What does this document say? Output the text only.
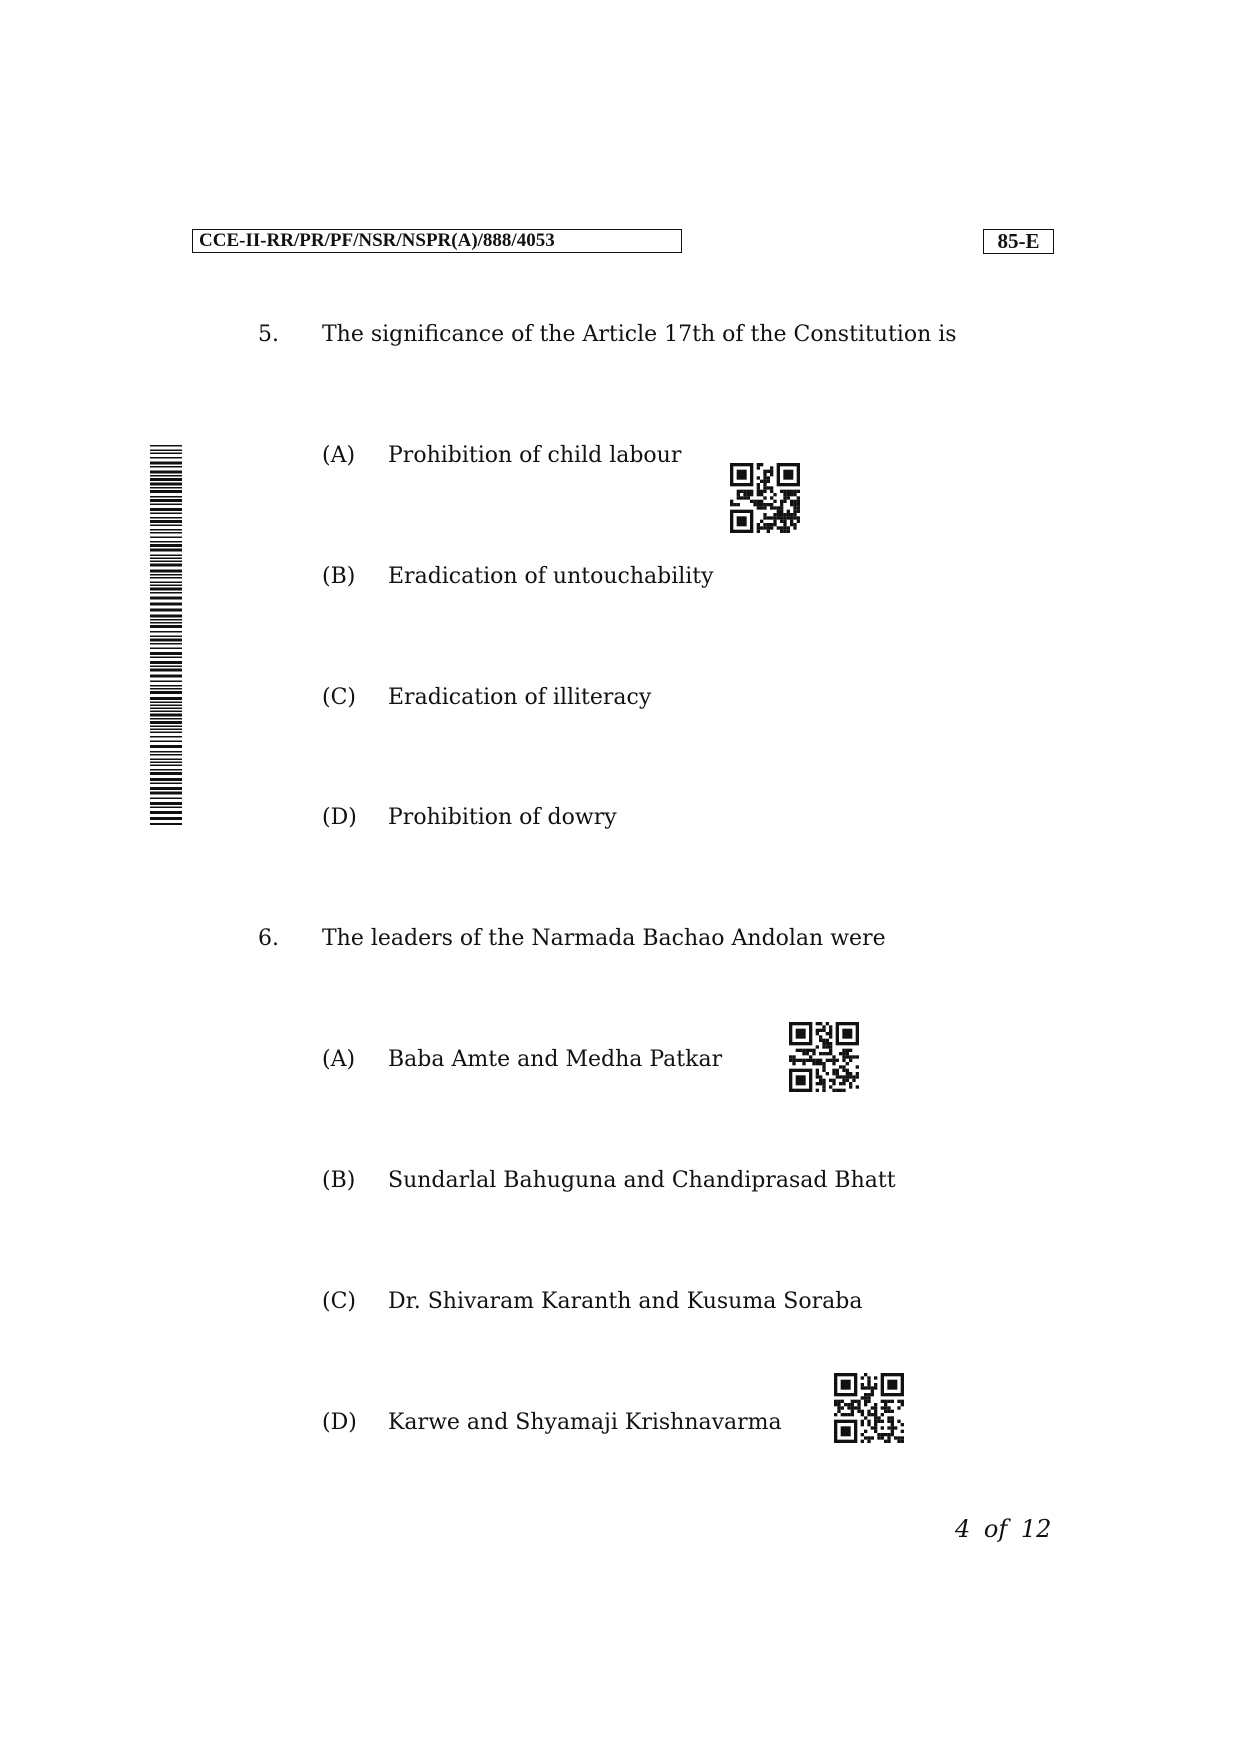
CCE-II-RR/PR/PF/NSR/NSPR(A)/888/4053	85-E
5. The significance of the Article 17th of the Constitution is
(A) Prohibition of child labour
(B) Eradication of untouchability
(C) Eradication of illiteracy
(D) Prohibition of dowry
6. The leaders of the Narmada Bachao Andolan were
(A) Baba Amte and Medha Patkar
(B) Sundarlal Bahuguna and Chandiprasad Bhatt
(C) Dr. Shivaram Karanth and Kusuma Soraba
(D) Karwe and Shyamaji Krishnavarma
4 of 12
